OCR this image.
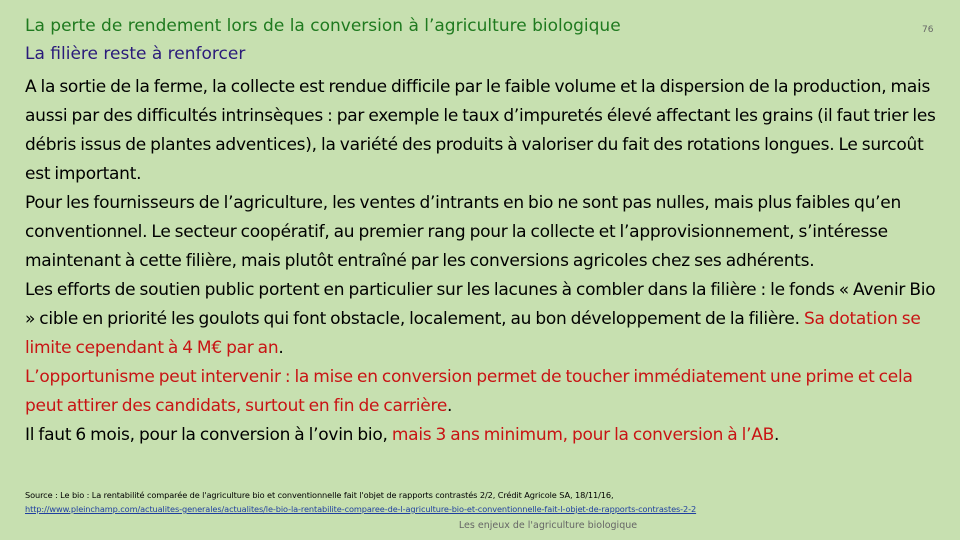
La perte de rendement lors de la conversion à l’agriculture biologique	76
La filière reste à renforcer

A la sortie de la ferme, la collecte est rendue difficile par le faible volume et la dispersion de la production, mais aussi par des difficultés intrinsèques : par exemple le taux d’impuretés élevé affectant les grains (il faut trier les débris issus de plantes adventices), la variété des produits à valoriser du fait des rotations longues. Le surcoût est important.

Pour les fournisseurs de l’agriculture, les ventes d’intrants en bio ne sont pas nulles, mais plus faibles qu’en conventionnel. Le secteur coopératif, au premier rang pour la collecte et l’approvisionnement, s’intéresse maintenant à cette filière, mais plutôt entraîné par les conversions agricoles chez ses adhérents.

Les efforts de soutien public portent en particulier sur les lacunes à combler dans la filière : le fonds « Avenir Bio » cible en priorité les goulots qui font obstacle, localement, au bon développement de la filière. Sa dotation se limite cependant à 4 M€ par an.

L’opportunisme peut intervenir : la mise en conversion permet de toucher immédiatement une prime et cela peut attirer des candidats, surtout en fin de carrière.

Il faut 6 mois, pour la conversion à l’ovin bio, mais 3 ans minimum, pour la conversion à l’AB.

Source : Le bio : La rentabilité comparée de l'agriculture bio et conventionnelle fait l'objet de rapports contrastés 2/2, Crédit Agricole SA, 18/11/16,
http://www.pleinchamp.com/actualites-generales/actualites/le-bio-la-rentabilite-comparee-de-l-agriculture-bio-et-conventionnelle-fait-l-objet-de-rapports-contrastes-2-2
Les enjeux de l'agriculture biologique
